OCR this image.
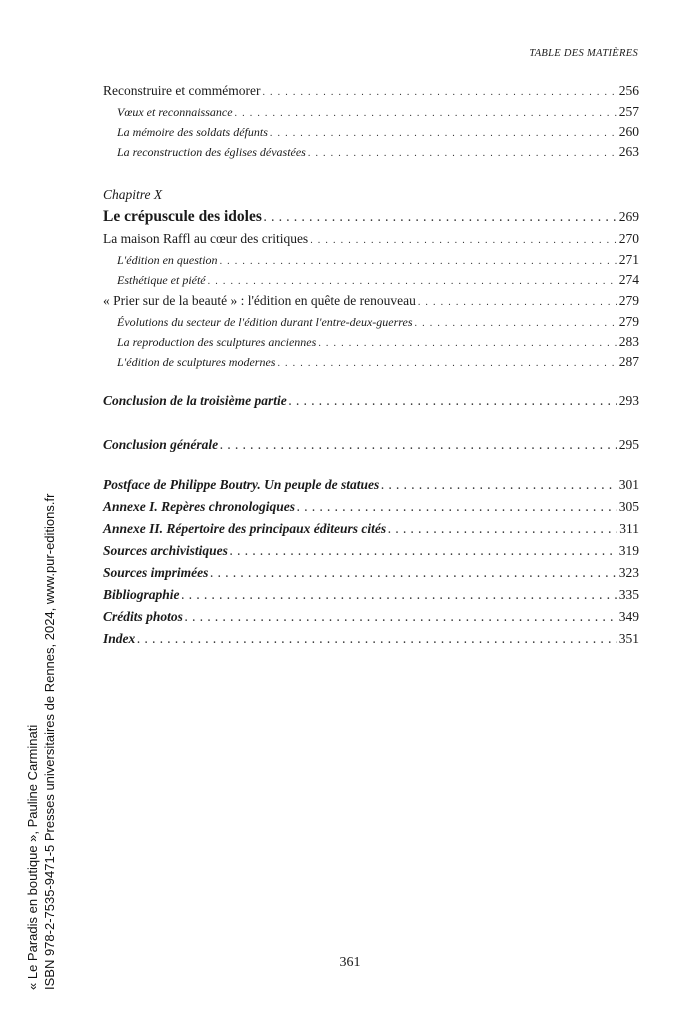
TABLE DES MATIÈRES
Reconstruire et commémorer . . .	256
Vœux et reconnaissance . . .	257
La mémoire des soldats défunts . . .	260
La reconstruction des églises dévastées . . .	263
Chapitre X
Le crépuscule des idoles . . .	269
La maison Raffl au cœur des critiques . . .	270
L'édition en question . . .	271
Esthétique et piété . . .	274
« Prier sur de la beauté » : l'édition en quête de renouveau . . .	279
Évolutions du secteur de l'édition durant l'entre-deux-guerres . . .	279
La reproduction des sculptures anciennes . . .	283
L'édition de sculptures modernes . . .	287
Conclusion de la troisième partie . . .	293
Conclusion générale . . .	295
Postface de Philippe Boutry. Un peuple de statues . . .	301
Annexe I. Repères chronologiques . . .	305
Annexe II. Répertoire des principaux éditeurs cités . . .	311
Sources archivistiques . . .	319
Sources imprimées . . .	323
Bibliographie . . .	335
Crédits photos . . .	349
Index . . .	351
361
« Le Paradis en boutique », Pauline Carminati ISBN 978-2-7535-9471-5 Presses universitaires de Rennes, 2024, www.pur-editions.fr
